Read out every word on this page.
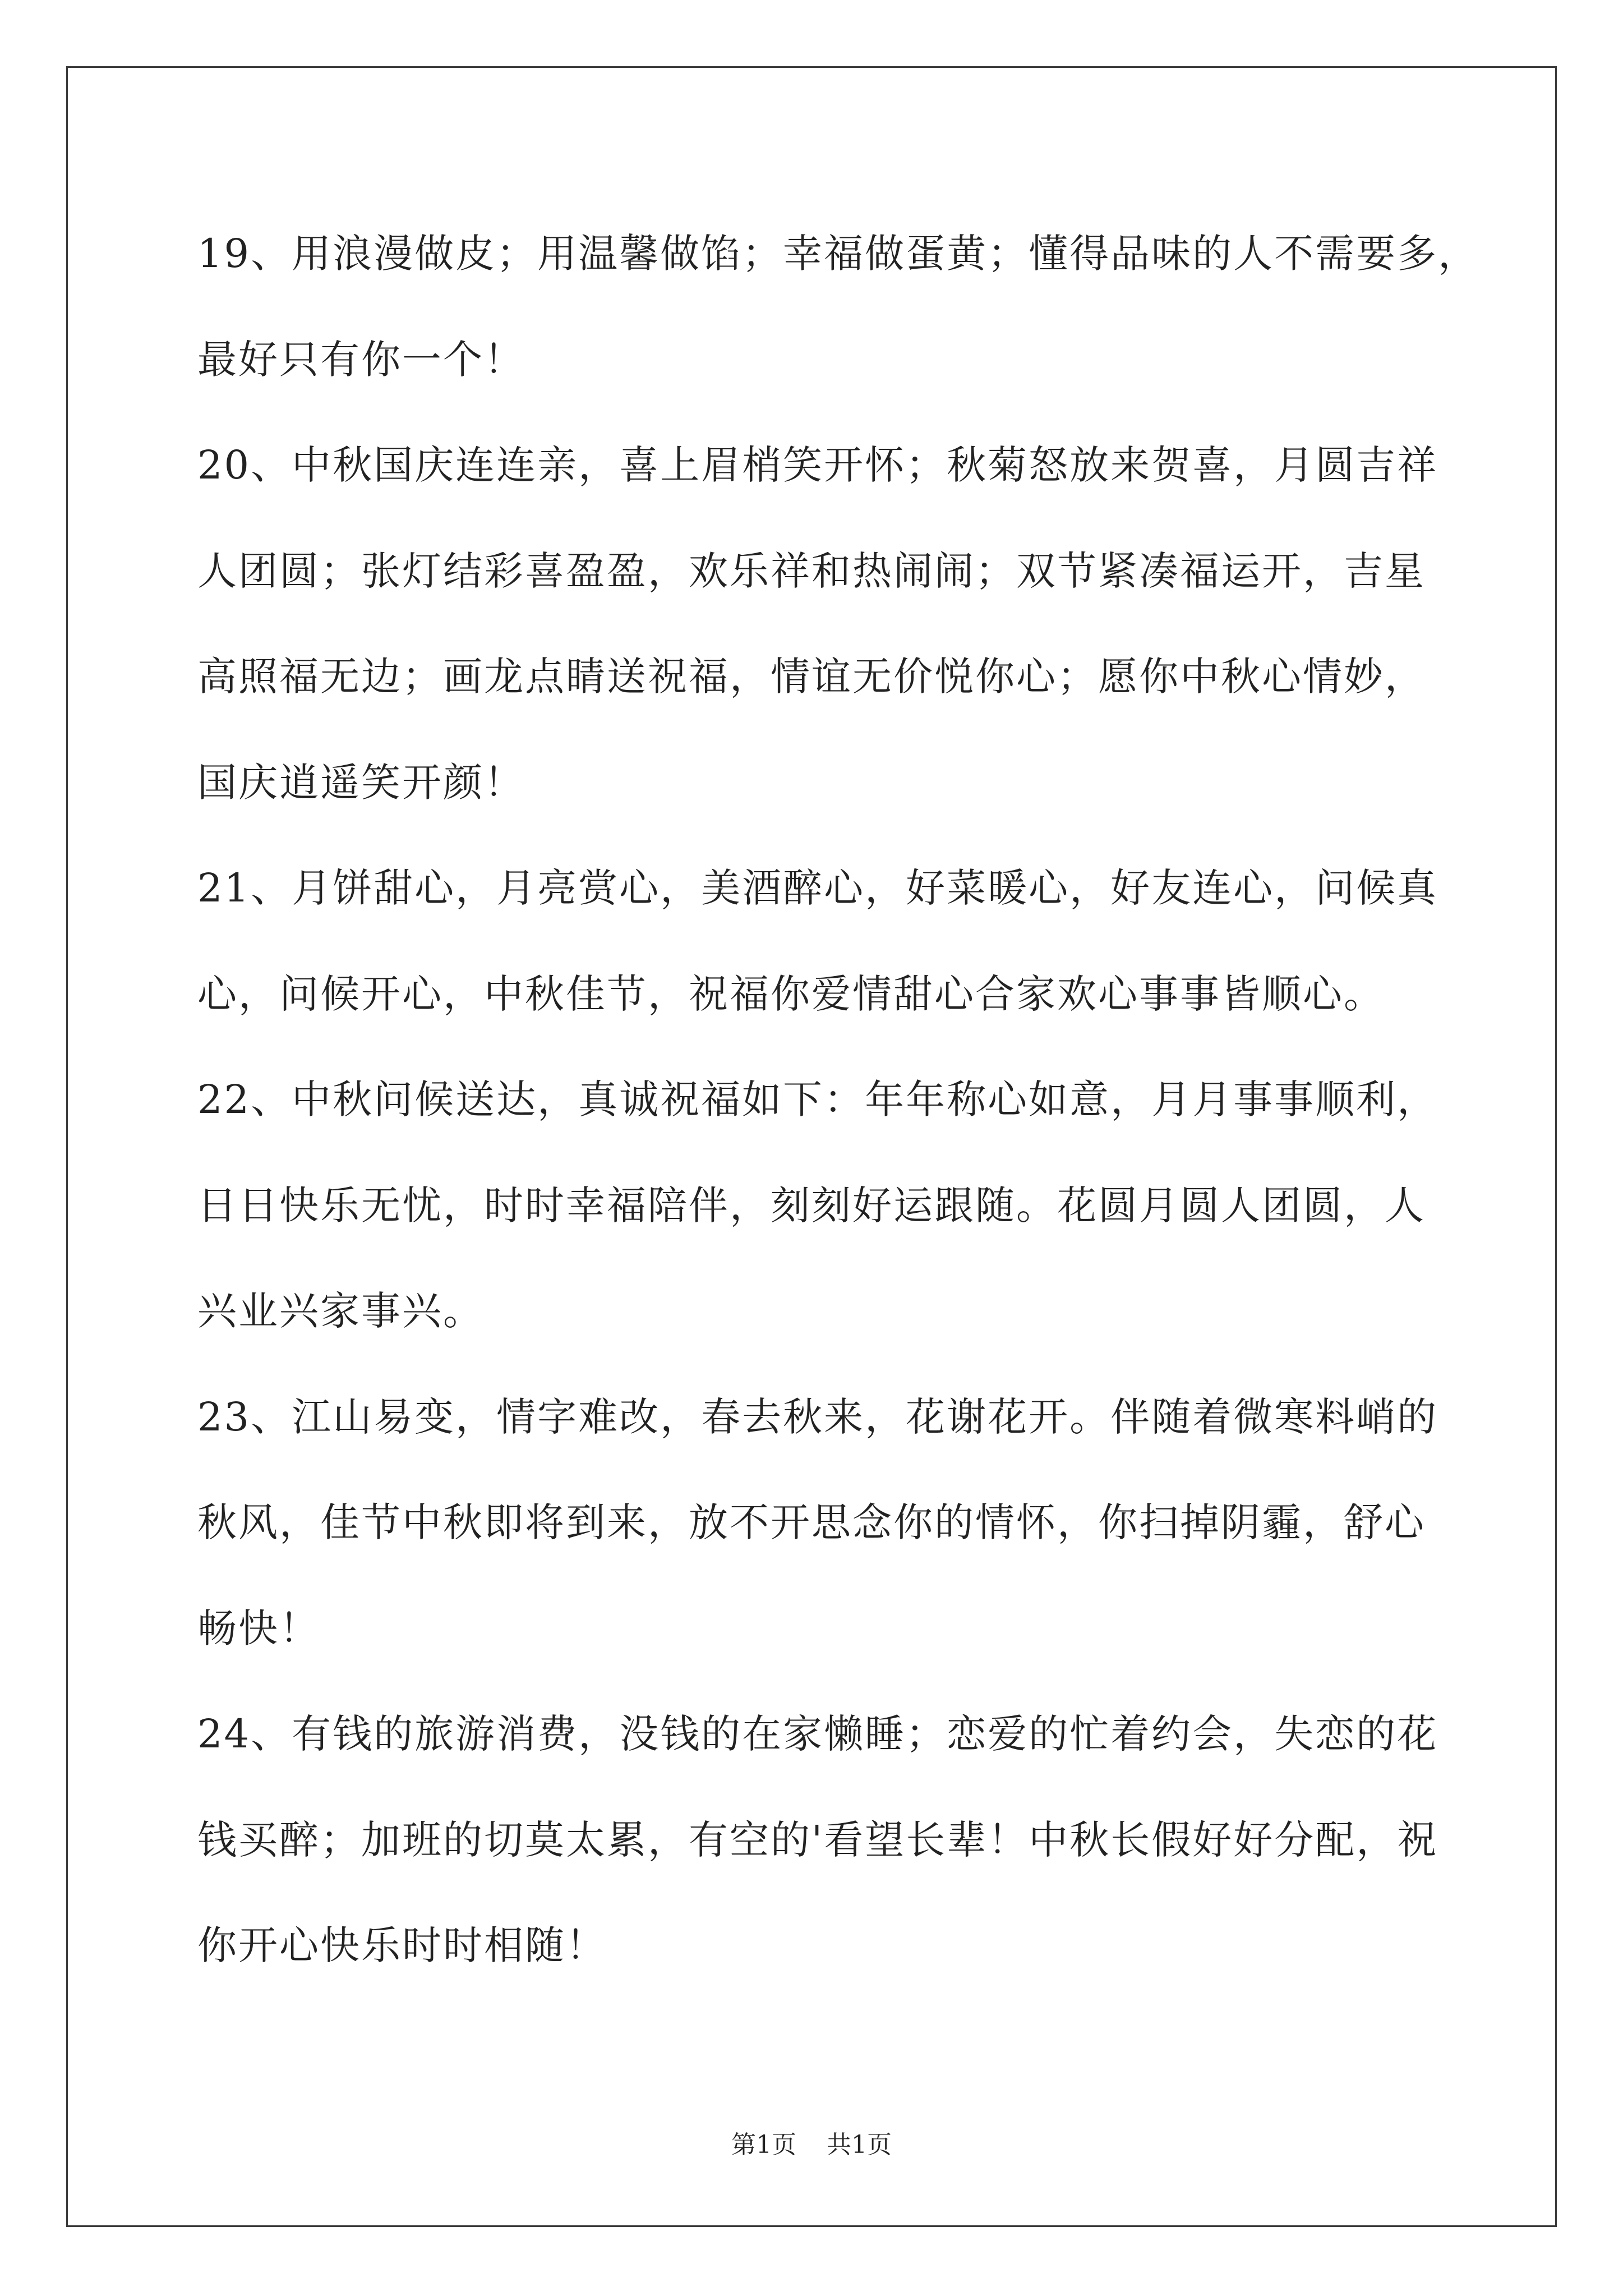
19、用浪漫做皮；用温馨做馅；幸福做蛋黄；懂得品味的人不需要多，
最好只有你一个！
20、中秋国庆连连亲，喜上眉梢笑开怀；秋菊怒放来贺喜，月圆吉祥
人团圆；张灯结彩喜盈盈，欢乐祥和热闹闹；双节紧凑福运开，吉星
高照福无边；画龙点睛送祝福，情谊无价悦你心；愿你中秋心情妙，
国庆逍遥笑开颜！
21、月饼甜心，月亮赏心，美酒醉心，好菜暖心，好友连心，问候真
心，问候开心，中秋佳节，祝福你爱情甜心合家欢心事事皆顺心。
22、中秋问候送达，真诚祝福如下：年年称心如意，月月事事顺利，
日日快乐无忧，时时幸福陪伴，刻刻好运跟随。花圆月圆人团圆，人
兴业兴家事兴。
23、江山易变，情字难改，春去秋来，花谢花开。伴随着微寒料峭的
秋风，佳节中秋即将到来，放不开思念你的情怀，你扫掉阴霾，舒心
畅快！
24、有钱的旅游消费，没钱的在家懒睡；恋爱的忙着约会，失恋的花
钱买醉；加班的切莫太累，有空的'看望长辈！中秋长假好好分配，祝
你开心快乐时时相随！
第1页 共1页
